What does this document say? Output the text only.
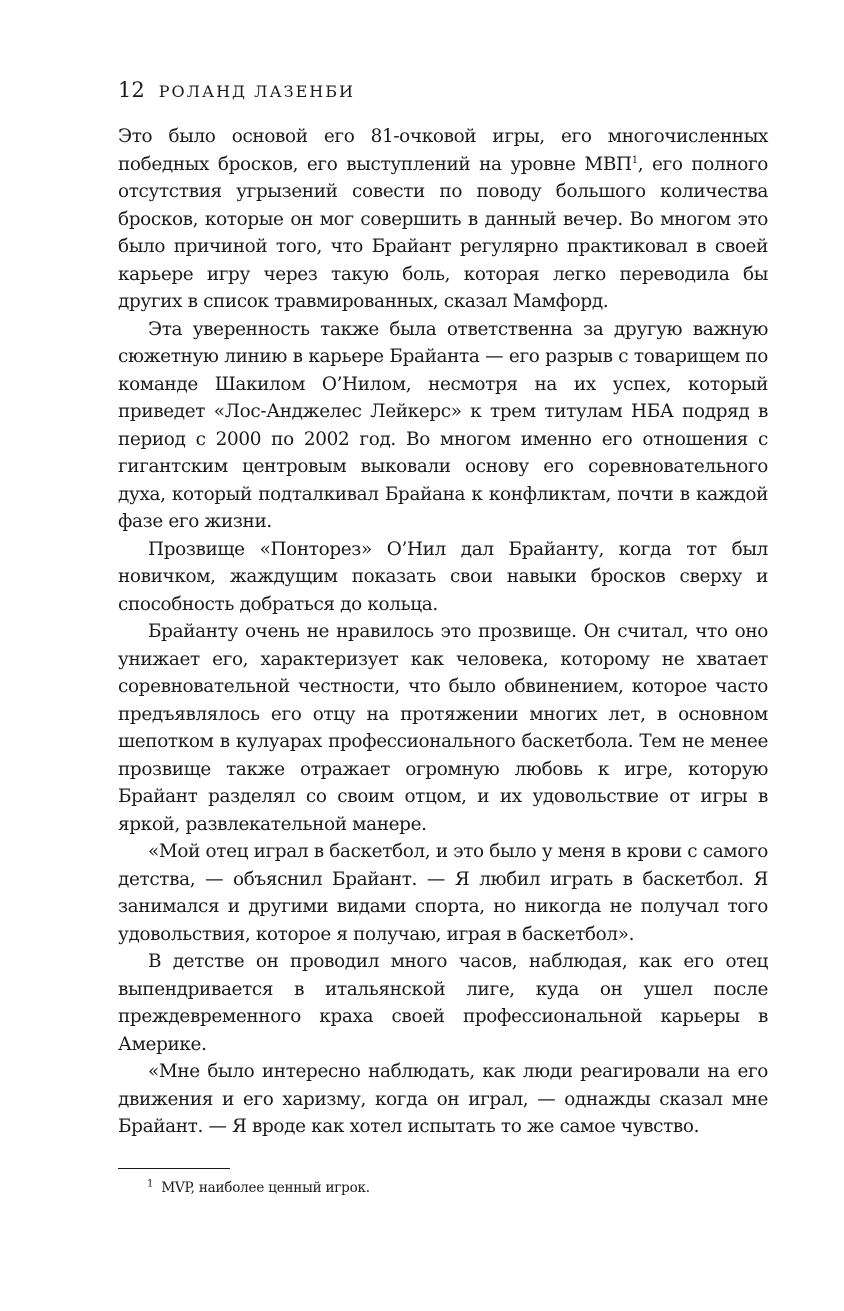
12 РОЛАНД ЛАЗЕНБИ

Это было основой его 81-очковой игры, его многочисленных победных бросков, его выступлений на уровне МВП$^1$, его полного отсутствия угрызений совести по поводу большого количества бросков, которые он мог совершить в данный вечер. Во многом это было причиной того, что Брайант регулярно практиковал в своей карьере игру через такую боль, которая легко переводила бы других в список травмированных, сказал Мамфорд.

Эта уверенность также была ответственна за другую важную сюжетную линию в карьере Брайанта — его разрыв с товарищем по команде Шакилом О’Нилом, несмотря на их успех, который приведет «Лос-Анджелес Лейкерс» к трем титулам НБА подряд в период с 2000 по 2002 год. Во многом именно его отношения с гигантским центровым выковали основу его соревновательного духа, который подталкивал Брайана к конфликтам, почти в каждой фазе его жизни.

Прозвище «Понторез» О’Нил дал Брайанту, когда тот был новичком, жаждущим показать свои навыки бросков сверху и способность добраться до кольца.

Брайанту очень не нравилось это прозвище. Он считал, что оно унижает его, характеризует как человека, которому не хватает соревновательной честности, что было обвинением, которое часто предъявлялось его отцу на протяжении многих лет, в основном шепотком в кулуарах профессионального баскетбола. Тем не менее прозвище также отражает огромную любовь к игре, которую Брайант разделял со своим отцом, и их удовольствие от игры в яркой, развлекательной манере.

«Мой отец играл в баскетбол, и это было у меня в крови с самого детства, — объяснил Брайант. — Я любил играть в баскетбол. Я занимался и другими видами спорта, но никогда не получал того удовольствия, которое я получаю, играя в баскетбол».

В детстве он проводил много часов, наблюдая, как его отец выпендривается в итальянской лиге, куда он ушел после преждевременного краха своей профессиональной карьеры в Америке.

«Мне было интересно наблюдать, как люди реагировали на его движения и его харизму, когда он играл, — однажды сказал мне Брайант. — Я вроде как хотел испытать то же самое чувство.

$^1$ MVP, наиболее ценный игрок.
